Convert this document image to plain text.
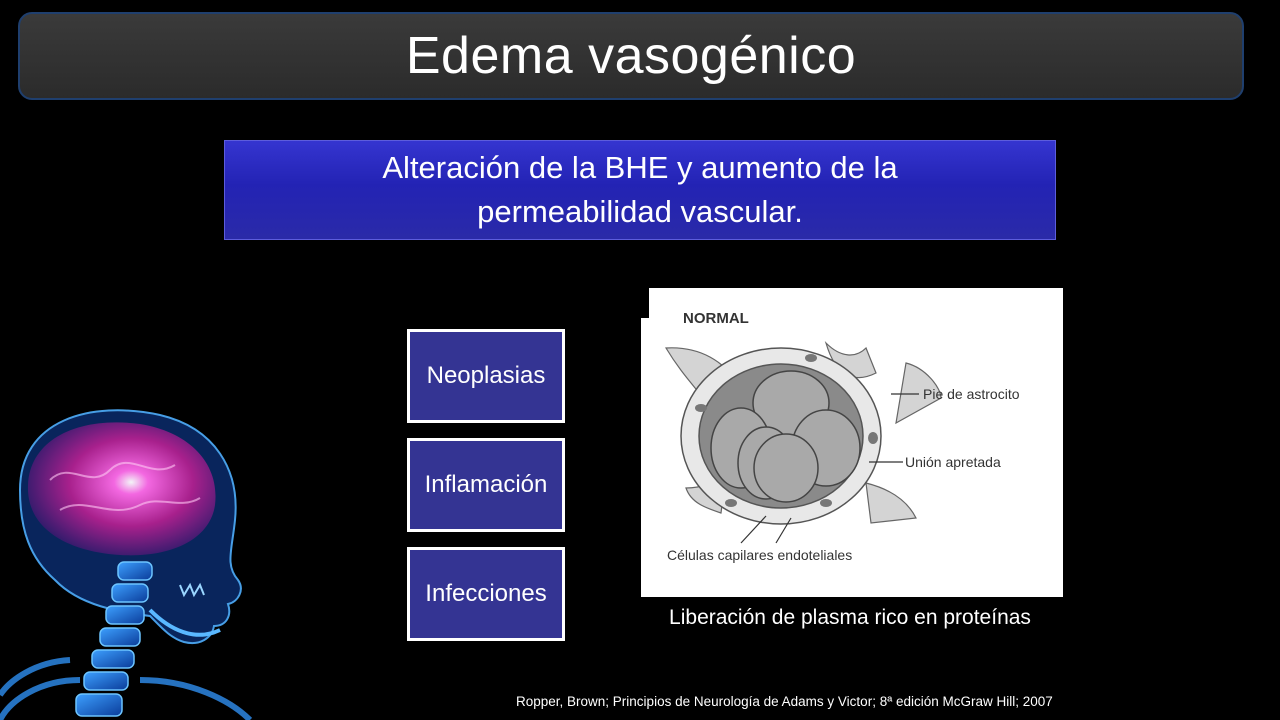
Edema vasogénico

Alteración de la BHE y aumento de la
permeabilidad vascular.

Neoplasias
Inflamación
Infecciones
NORMAL
Pie de astrocito
Unión apretada
Células capilares endoteliales
Liberación de plasma rico en proteínas
Ropper, Brown; Principios de Neurología de Adams y Victor; 8ª edición McGraw Hill; 2007
